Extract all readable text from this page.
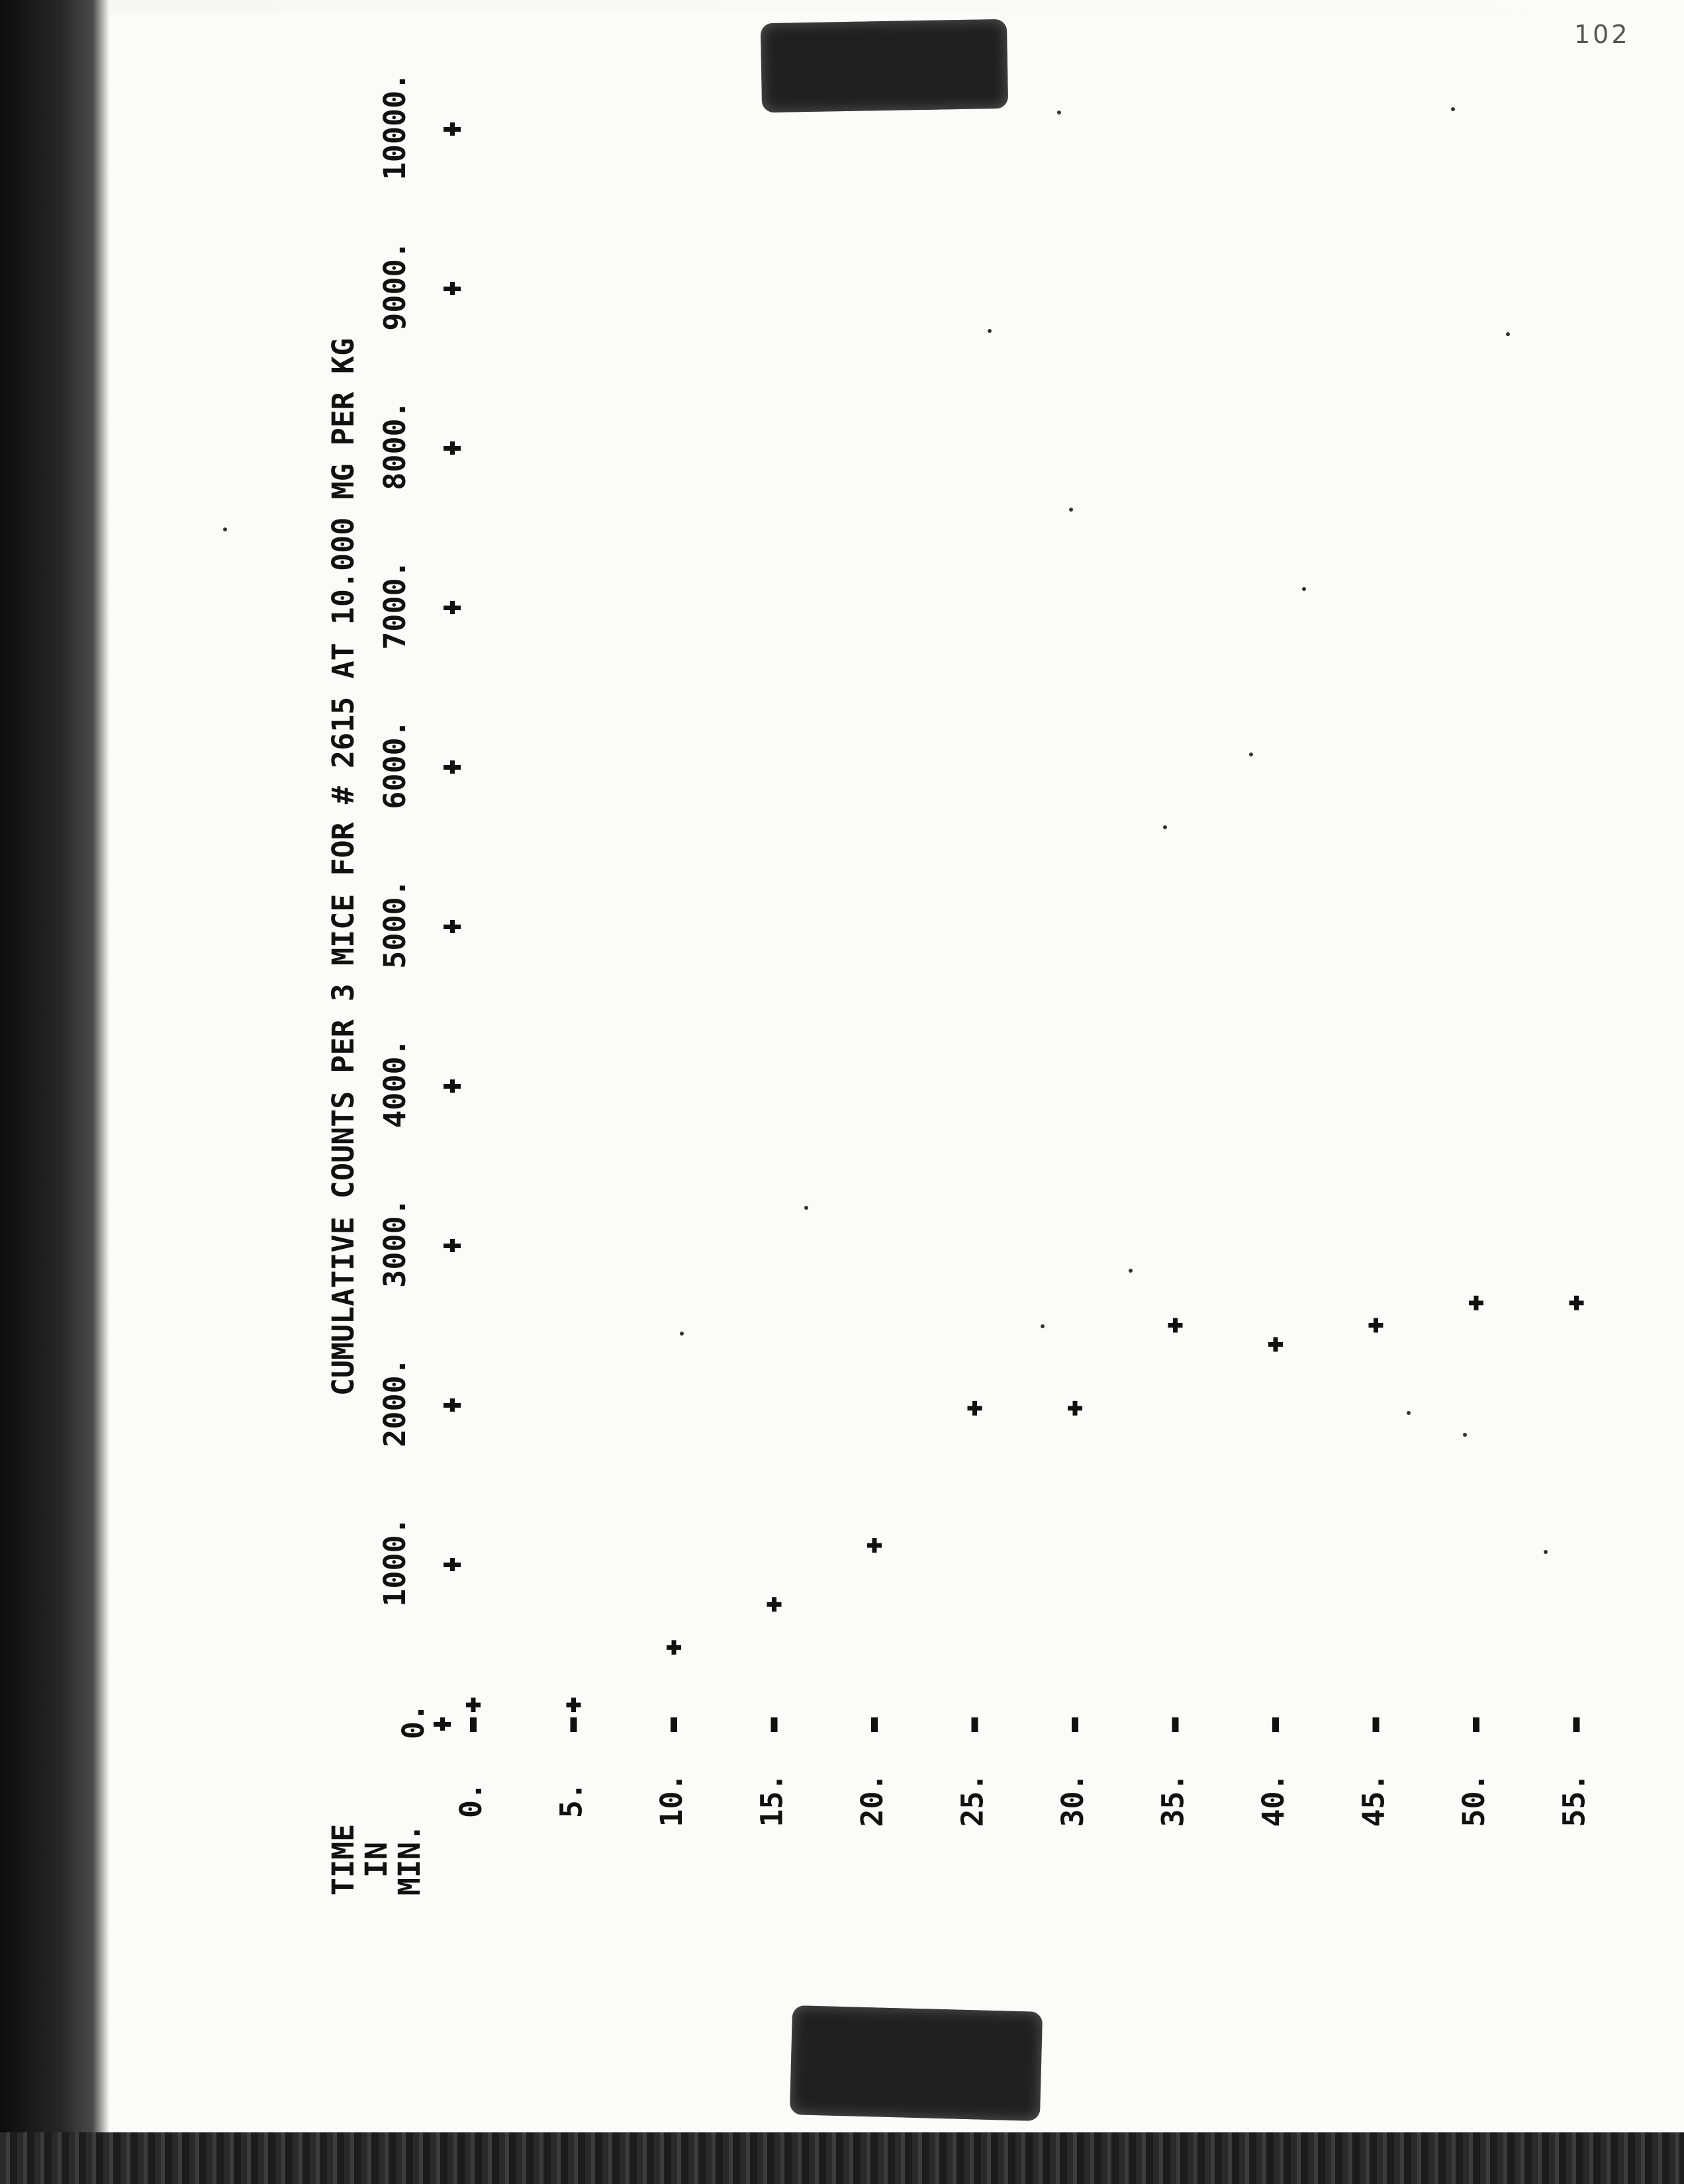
102
CUMULATIVE COUNTS PER 3 MICE FOR # 2615 AT 10.000 MG PER KG
TIME
IN
MIN.
0. 5. 10. 15. 20. 25. 30. 35. 40. 45. 50. 55.
0.
1000.
2000.
3000.
4000.
5000.
6000.
7000.
8000.
9000.
10000.
